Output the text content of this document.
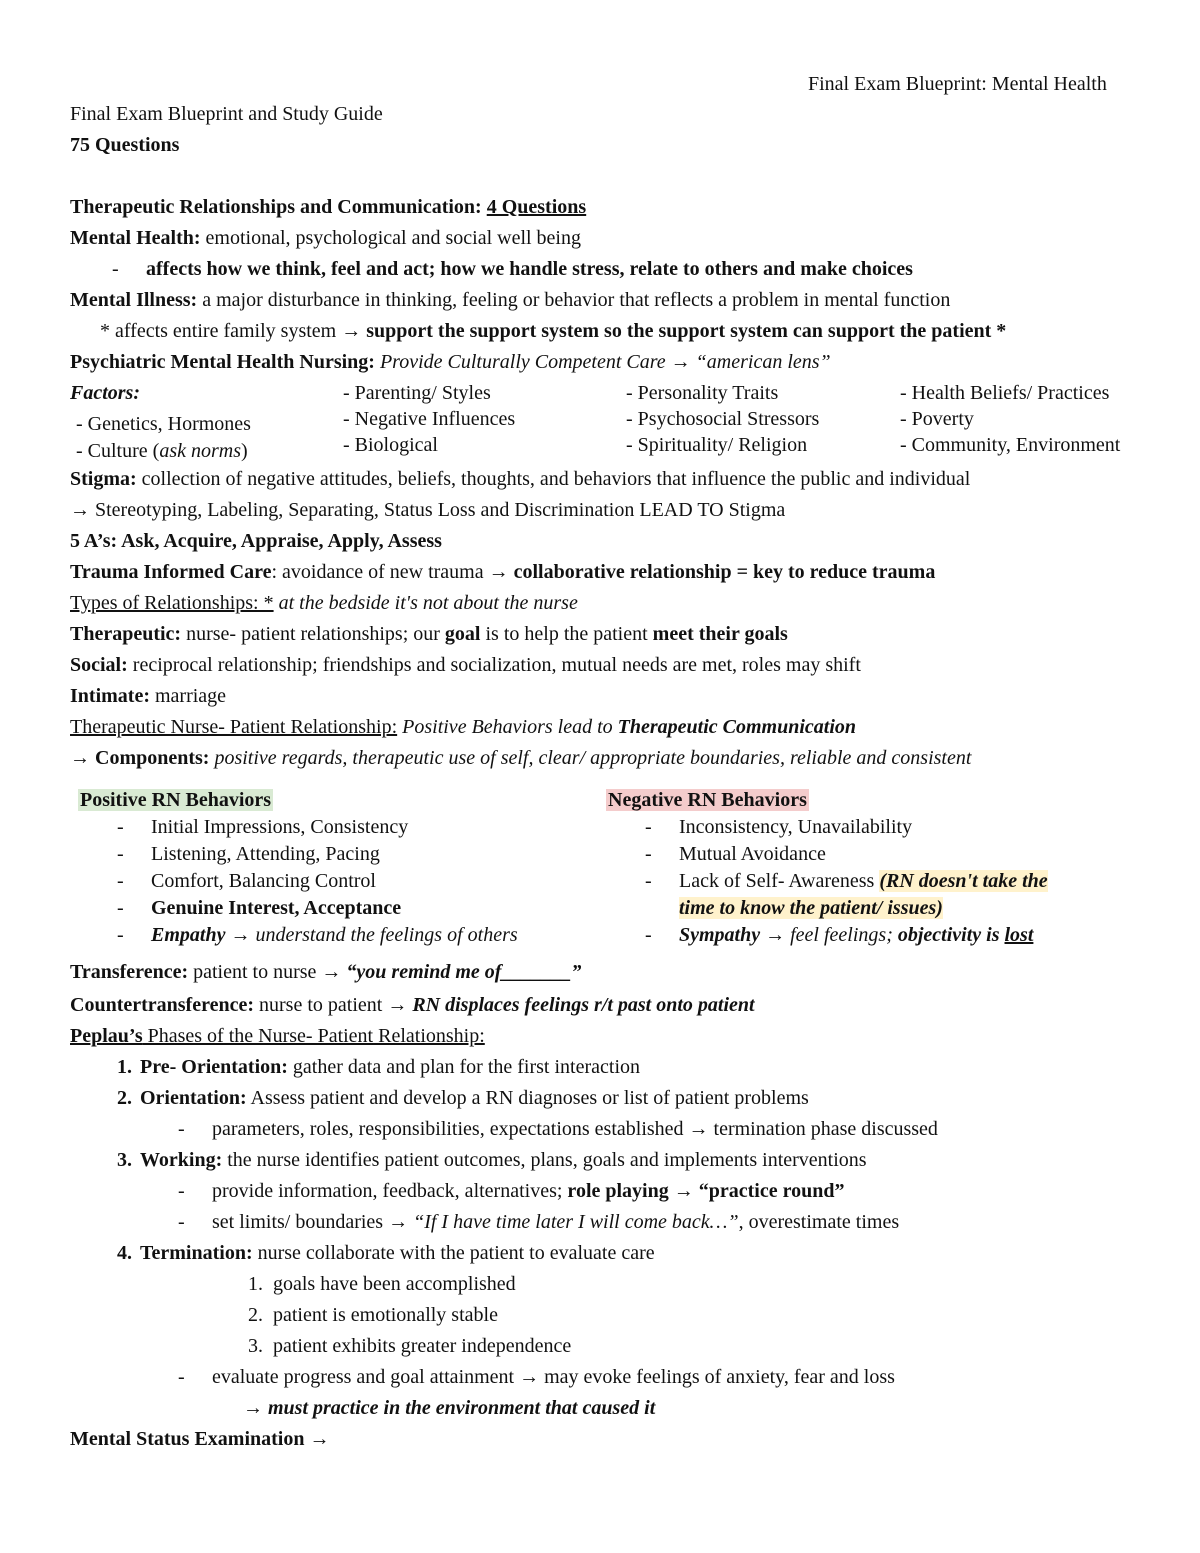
Final Exam Blueprint: Mental Health
Final Exam Blueprint and Study Guide
75 Questions
Therapeutic Relationships and Communication: 4 Questions
Mental Health: emotional, psychological and social well being
- affects how we think, feel and act; how we handle stress, relate to others and make choices
Mental Illness: a major disturbance in thinking, feeling or behavior that reflects a problem in mental function
* affects entire family system → support the support system so the support system can support the patient *
Psychiatric Mental Health Nursing: Provide Culturally Competent Care → “american lens”
Factors:
- Genetics, Hormones
- Culture (ask norms)
- Parenting/ Styles
- Negative Influences
- Biological
- Personality Traits
- Psychosocial Stressors
- Spirituality/ Religion
- Health Beliefs/ Practices
- Poverty
- Community, Environment
Stigma: collection of negative attitudes, beliefs, thoughts, and behaviors that influence the public and individual
→ Stereotyping, Labeling, Separating, Status Loss and Discrimination LEAD TO Stigma
5 A’s: Ask, Acquire, Appraise, Apply, Assess
Trauma Informed Care: avoidance of new trauma → collaborative relationship = key to reduce trauma
Types of Relationships: * at the bedside it's not about the nurse
Therapeutic: nurse- patient relationships; our goal is to help the patient meet their goals
Social: reciprocal relationship; friendships and socialization, mutual needs are met, roles may shift
Intimate: marriage
Therapeutic Nurse- Patient Relationship: Positive Behaviors lead to Therapeutic Communication
→ Components: positive regards, therapeutic use of self, clear/ appropriate boundaries, reliable and consistent
Positive RN Behaviors
- Initial Impressions, Consistency
- Listening, Attending, Pacing
- Comfort, Balancing Control
- Genuine Interest, Acceptance
- Empathy → understand the feelings of others
Negative RN Behaviors
- Inconsistency, Unavailability
- Mutual Avoidance
- Lack of Self- Awareness (RN doesn't take the
time to know the patient/ issues)
- Sympathy → feel feelings; objectivity is lost
Transference: patient to nurse → “you remind me of_______”
Countertransference: nurse to patient → RN displaces feelings r/t past onto patient
Peplau’s Phases of the Nurse- Patient Relationship:
1. Pre- Orientation: gather data and plan for the first interaction
2. Orientation: Assess patient and develop a RN diagnoses or list of patient problems
- parameters, roles, responsibilities, expectations established → termination phase discussed
3. Working: the nurse identifies patient outcomes, plans, goals and implements interventions
- provide information, feedback, alternatives; role playing → “practice round”
- set limits/ boundaries → “If I have time later I will come back…”, overestimate times
4. Termination: nurse collaborate with the patient to evaluate care
1. goals have been accomplished
2. patient is emotionally stable
3. patient exhibits greater independence
- evaluate progress and goal attainment → may evoke feelings of anxiety, fear and loss
→ must practice in the environment that caused it
Mental Status Examination →
